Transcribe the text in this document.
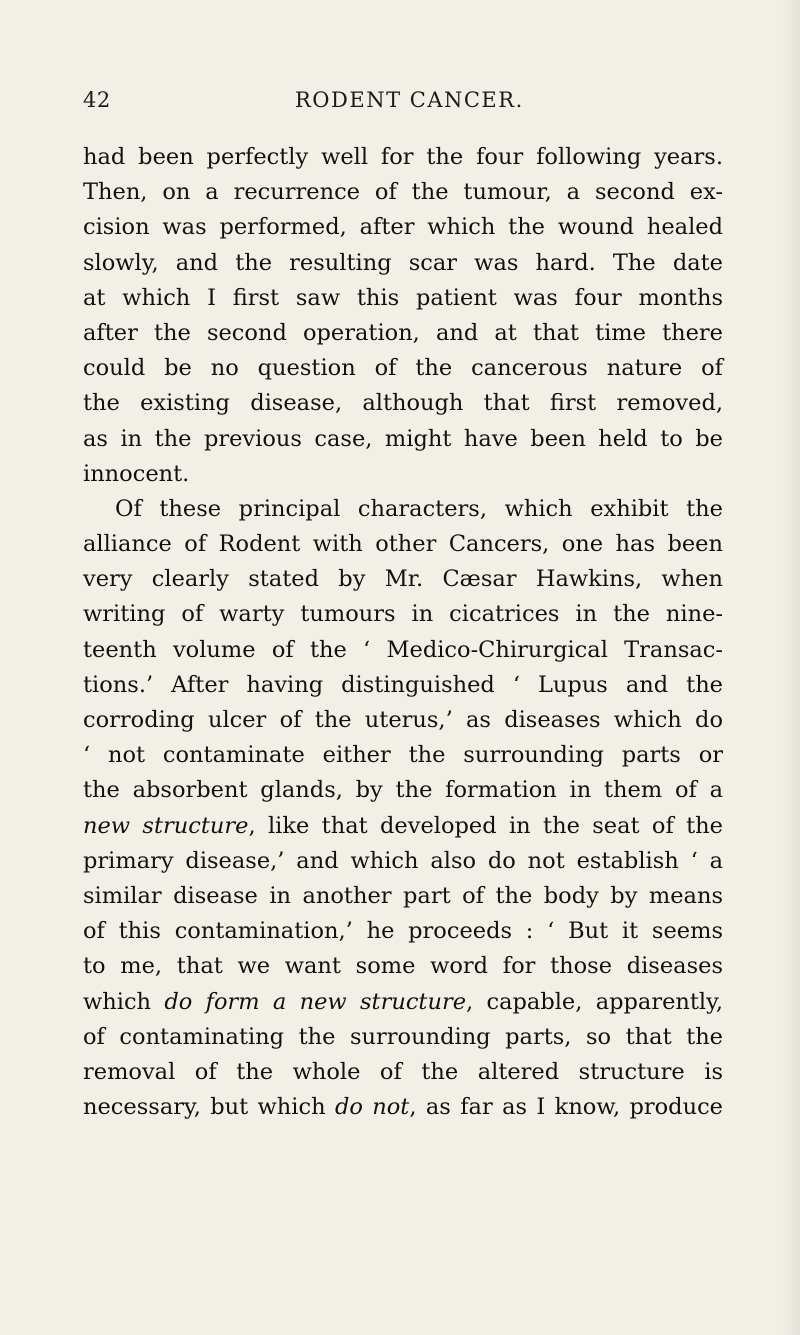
42	RODENT CANCER.
had been perfectly well for the four following years.
Then, on a recurrence of the tumour, a second ex-
cision was performed, after which the wound healed
slowly, and the resulting scar was hard. The date
at which I first saw this patient was four months
after the second operation, and at that time there
could be no question of the cancerous nature of
the existing disease, although that first removed,
as in the previous case, might have been held to be
innocent.
Of these principal characters, which exhibit the
alliance of Rodent with other Cancers, one has been
very clearly stated by Mr. Cæsar Hawkins, when
writing of warty tumours in cicatrices in the nine-
teenth volume of the ‘ Medico-Chirurgical Transac-
tions.’ After having distinguished ‘ Lupus and the
corroding ulcer of the uterus,’ as diseases which do
‘ not contaminate either the surrounding parts or
the absorbent glands, by the formation in them of a
new structure, like that developed in the seat of the
primary disease,’ and which also do not establish ‘ a
similar disease in another part of the body by means
of this contamination,’ he proceeds : ‘ But it seems
to me, that we want some word for those diseases
which do form a new structure, capable, apparently,
of contaminating the surrounding parts, so that the
removal of the whole of the altered structure is
necessary, but which do not, as far as I know, produce
